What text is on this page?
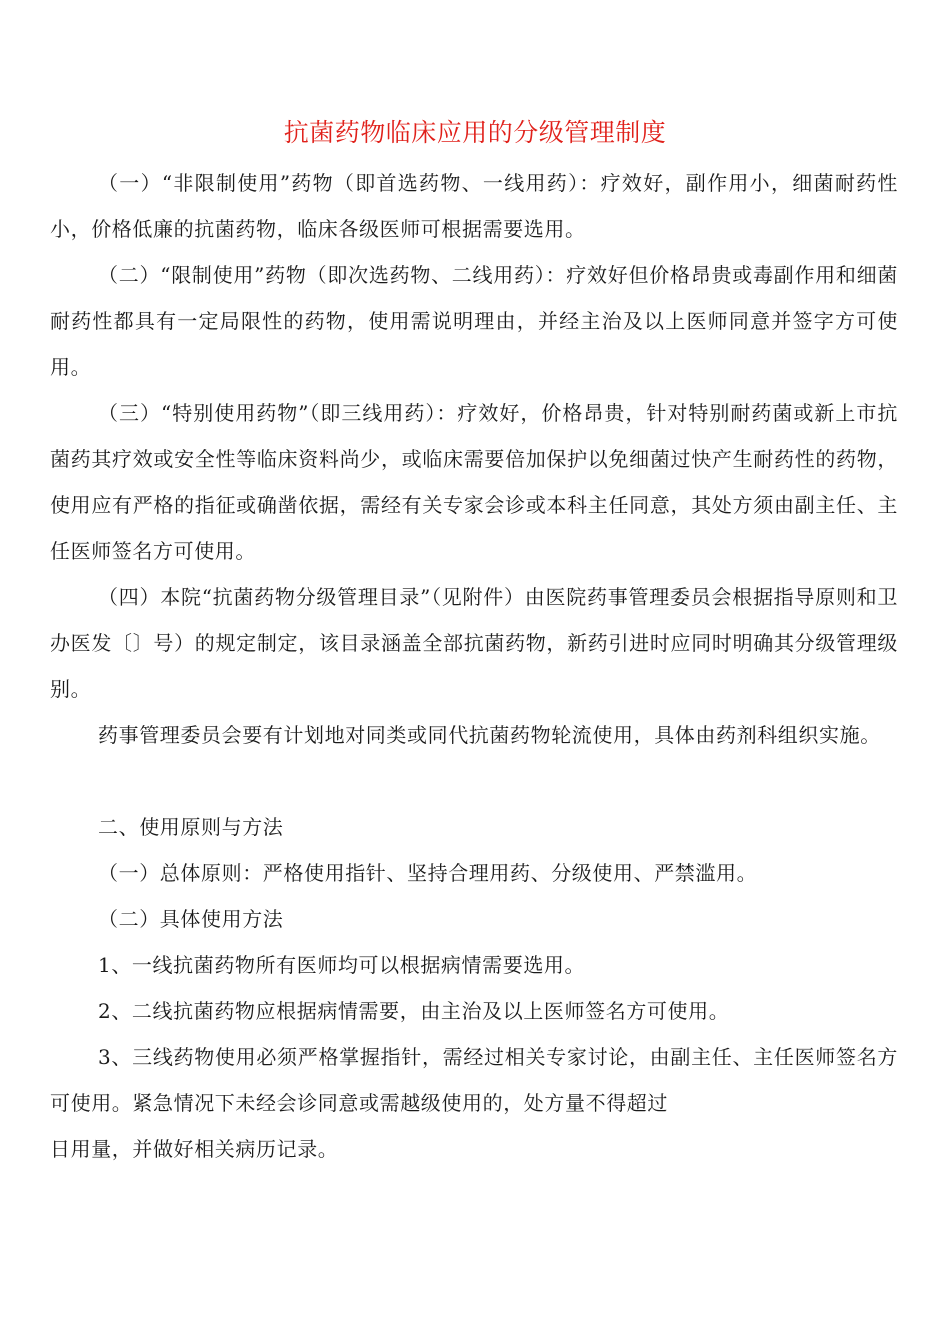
抗菌药物临床应用的分级管理制度
（一）“非限制使用”药物（即首选药物、一线用药）：疗效好，副作用小，细菌耐药性小，价格低廉的抗菌药物，临床各级医师可根据需要选用。
（二）“限制使用”药物（即次选药物、二线用药）：疗效好但价格昂贵或毒副作用和细菌耐药性都具有一定局限性的药物，使用需说明理由，并经主治及以上医师同意并签字方可使用。
（三）“特别使用药物”（即三线用药）：疗效好，价格昂贵，针对特别耐药菌或新上市抗菌药其疗效或安全性等临床资料尚少，或临床需要倍加保护以免细菌过快产生耐药性的药物，使用应有严格的指征或确凿依据，需经有关专家会诊或本科主任同意，其处方须由副主任、主任医师签名方可使用。
（四）本院“抗菌药物分级管理目录”（见附件）由医院药事管理委员会根据指导原则和卫办医发〔〕号）的规定制定，该目录涵盖全部抗菌药物，新药引进时应同时明确其分级管理级别。
药事管理委员会要有计划地对同类或同代抗菌药物轮流使用，具体由药剂科组织实施。
二、使用原则与方法
（一）总体原则：严格使用指针、坚持合理用药、分级使用、严禁滥用。
（二）具体使用方法
1、一线抗菌药物所有医师均可以根据病情需要选用。
2、二线抗菌药物应根据病情需要，由主治及以上医师签名方可使用。
3、三线药物使用必须严格掌握指针，需经过相关专家讨论，由副主任、主任医师签名方可使用。紧急情况下未经会诊同意或需越级使用的，处方量不得超过
日用量，并做好相关病历记录。
